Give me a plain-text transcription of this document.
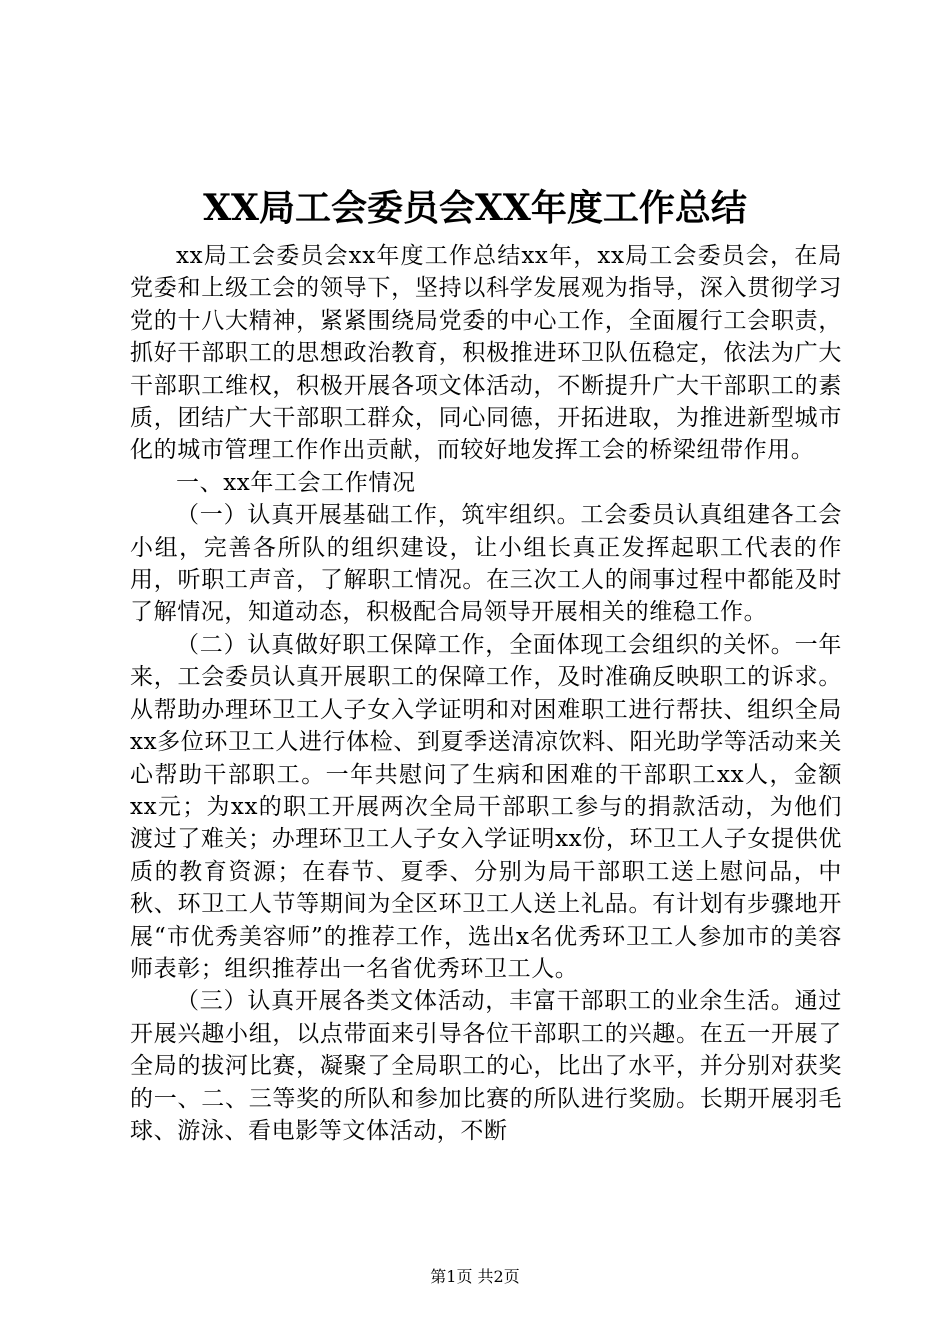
XX局工会委员会XX年度工作总结

xx局工会委员会xx年度工作总结xx年，xx局工会委员会，在局党委和上级工会的领导下，坚持以科学发展观为指导，深入贯彻学习党的十八大精神，紧紧围绕局党委的中心工作，全面履行工会职责，抓好干部职工的思想政治教育，积极推进环卫队伍稳定，依法为广大干部职工维权，积极开展各项文体活动，不断提升广大干部职工的素质，团结广大干部职工群众，同心同德，开拓进取，为推进新型城市化的城市管理工作作出贡献，而较好地发挥工会的桥梁纽带作用。

一、xx年工会工作情况

（一）认真开展基础工作，筑牢组织。工会委员认真组建各工会小组，完善各所队的组织建设，让小组长真正发挥起职工代表的作用，听职工声音，了解职工情况。在三次工人的闹事过程中都能及时了解情况，知道动态，积极配合局领导开展相关的维稳工作。

（二）认真做好职工保障工作，全面体现工会组织的关怀。一年来，工会委员认真开展职工的保障工作，及时准确反映职工的诉求。从帮助办理环卫工人子女入学证明和对困难职工进行帮扶、组织全局xx多位环卫工人进行体检、到夏季送清凉饮料、阳光助学等活动来关心帮助干部职工。一年共慰问了生病和困难的干部职工xx人，金额xx元；为xx的职工开展两次全局干部职工参与的捐款活动，为他们渡过了难关；办理环卫工人子女入学证明xx份，环卫工人子女提供优质的教育资源；在春节、夏季、分别为局干部职工送上慰问品，中秋、环卫工人节等期间为全区环卫工人送上礼品。有计划有步骤地开展“市优秀美容师”的推荐工作，选出x名优秀环卫工人参加市的美容师表彰；组织推荐出一名省优秀环卫工人。

（三）认真开展各类文体活动，丰富干部职工的业余生活。通过开展兴趣小组，以点带面来引导各位干部职工的兴趣。在五一开展了全局的拔河比赛，凝聚了全局职工的心，比出了水平，并分别对获奖的一、二、三等奖的所队和参加比赛的所队进行奖励。长期开展羽毛球、游泳、看电影等文体活动，不断

第1页 共2页
